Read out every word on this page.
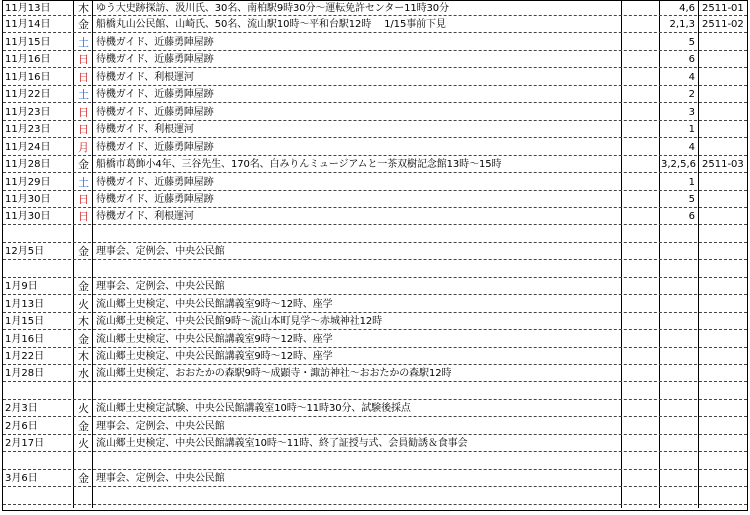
11月13日	木 ゆう大史跡探訪、汲川氏、30名、南柏駅9時30分～運転免許センター11時30分	4,6 2511-01
11月14日	金 船橋丸山公民館、山崎氏、50名、流山駅10時～平和台駅12時　 1/15事前下見	2,1,3 2511-02
11月15日	土 待機ガイド、近藤勇陣屋跡	5
11月16日	日 待機ガイド、近藤勇陣屋跡	6
11月16日	日 待機ガイド、利根運河	4
11月22日	土 待機ガイド、近藤勇陣屋跡	2
11月23日	日 待機ガイド、近藤勇陣屋跡	3
11月23日	日 待機ガイド、利根運河	1
11月24日	月 待機ガイド、近藤勇陣屋跡	4
11月28日	金 船橋市葛飾小4年、三谷先生、170名、白みりんミュージアムと一茶双樹記念館13時～15時	3,2,5,6 2511-03
11月29日	土 待機ガイド、近藤勇陣屋跡	1
11月30日	日 待機ガイド、近藤勇陣屋跡	5
11月30日	日 待機ガイド、利根運河	6
12月5日	金 理事会、定例会、中央公民館
1月9日	金 理事会、定例会、中央公民館
1月13日	火 流山郷土史検定、中央公民館講義室9時～12時、座学
1月15日	木 流山郷土史検定、中央公民館9時～流山本町見学～赤城神社12時
1月16日	金 流山郷土史検定、中央公民館講義室9時～12時、座学
1月22日	木 流山郷土史検定、中央公民館講義室9時～12時、座学
1月28日	水 流山郷土史検定、おおたかの森駅9時～成顕寺・諏訪神社～おおたかの森駅12時
2月3日	火 流山郷土史検定試験、中央公民館講義室10時～11時30分、試験後採点
2月6日	金 理事会、定例会、中央公民館
2月17日	火 流山郷土史検定、中央公民館講義室10時～11時、終了証授与式、会員勧誘＆食事会
3月6日	金 理事会、定例会、中央公民館
